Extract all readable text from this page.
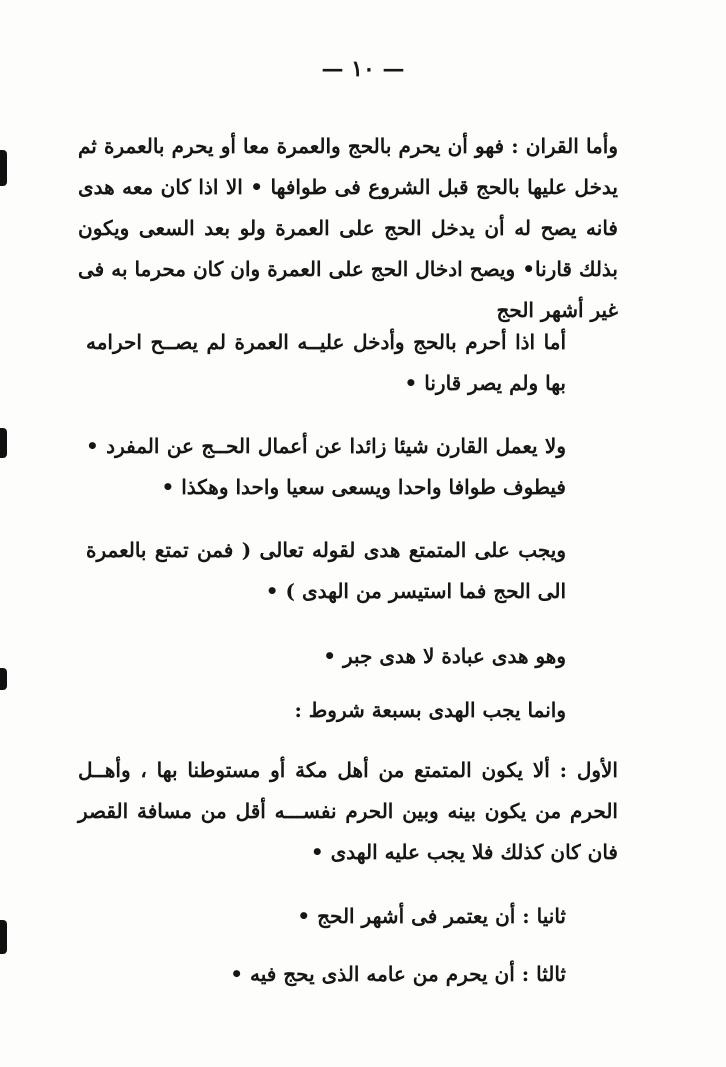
— ١٠ —

وأما القران : فهو أن يحرم بالحج والعمرة معا أو يحرم بالعمرة ثم يدخل عليها بالحج قبل الشروع فى طوافها • الا اذا كان معه هدى فانه يصح له أن يدخل الحج على العمرة ولو بعد السعى ويكون بذلك قارنا• ويصح ادخال الحج على العمرة وان كان محرما به فى غير أشهر الحج

أما اذا أحرم بالحج وأدخل عليــه العمرة لم يصــح احرامه بها ولم يصر قارنا •

ولا يعمل القارن شيئا زائدا عن أعمال الحــج عن المفرد • فيطوف طوافا واحدا ويسعى سعيا واحدا وهكذا •

ويجب على المتمتع هدى لقوله تعالى ( فمن تمتع بالعمرة الى الحج فما استيسر من الهدى ) •

وهو هدى عبادة لا هدى جبر •

وانما يجب الهدى بسبعة شروط :

الأول : ألا يكون المتمتع من أهل مكة أو مستوطنا بها ، وأهــل الحرم من يكون بينه وبين الحرم نفســـه أقل من مسافة القصر فان كان كذلك فلا يجب عليه الهدى •

ثانيا : أن يعتمر فى أشهر الحج •

ثالثا : أن يحرم من عامه الذى يحج فيه •
